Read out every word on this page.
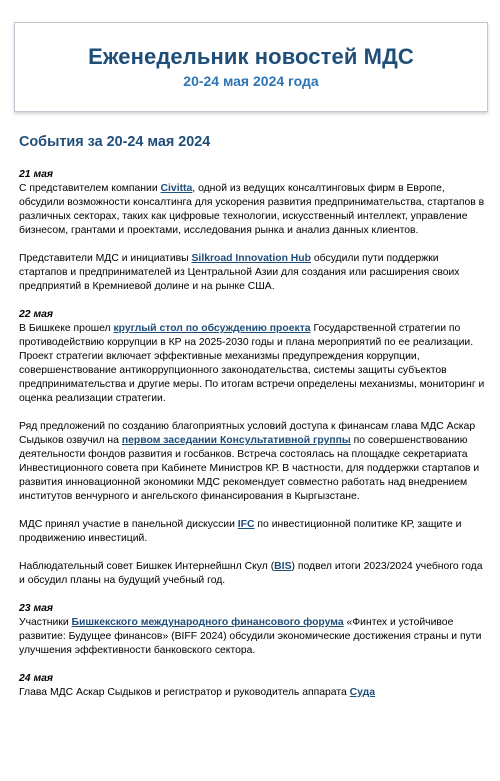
Еженедельник новостей МДС
20-24 мая 2024 года
События за 20-24 мая 2024
21 мая

С представителем компании Civitta, одной из ведущих консалтинговых фирм в Европе, обсудили возможности консалтинга для ускорения развития предпринимательства, стартапов в различных секторах, таких как цифровые технологии, искусственный интеллект, управление бизнесом, грантами и проектами, исследования рынка и анализ данных клиентов.

Представители МДС и инициативы Silkroad Innovation Hub обсудили пути поддержки стартапов и предпринимателей из Центральной Азии для создания или расширения своих предприятий в Кремниевой долине и на рынке США.

22 мая

В Бишкеке прошел круглый стол по обсуждению проекта Государственной стратегии по противодействию коррупции в КР на 2025-2030 годы и плана мероприятий по ее реализации. Проект стратегии включает эффективные механизмы предупреждения коррупции, совершенствование антикоррупционного законодательства, системы защиты субъектов предпринимательства и другие меры. По итогам встречи определены механизмы, мониторинг и оценка реализации стратегии.

Ряд предложений по созданию благоприятных условий доступа к финансам глава МДС Аскар Сыдыков озвучил на первом заседании Консультативной группы по совершенствованию деятельности фондов развития и госбанков. Встреча состоялась на площадке секретариата Инвестиционного совета при Кабинете Министров КР. В частности, для поддержки стартапов и развития инновационной экономики МДС рекомендует совместно работать над внедрением институтов венчурного и ангельского финансирования в Кыргызстане.

МДС принял участие в панельной дискуссии IFC по инвестиционной политике КР, защите и продвижению инвестиций.

Наблюдательный совет Бишкек Интернейшнл Скул (BIS) подвел итоги 2023/2024 учебного года и обсудил планы на будущий учебный год.

23 мая

Участники Бишкекского международного финансового форума «Финтех и устойчивое развитие: Будущее финансов» (BIFF 2024) обсудили экономические достижения страны и пути улучшения эффективности банковского сектора.

24 мая

Глава МДС Аскар Сыдыков и регистратор и руководитель аппарата Суда
